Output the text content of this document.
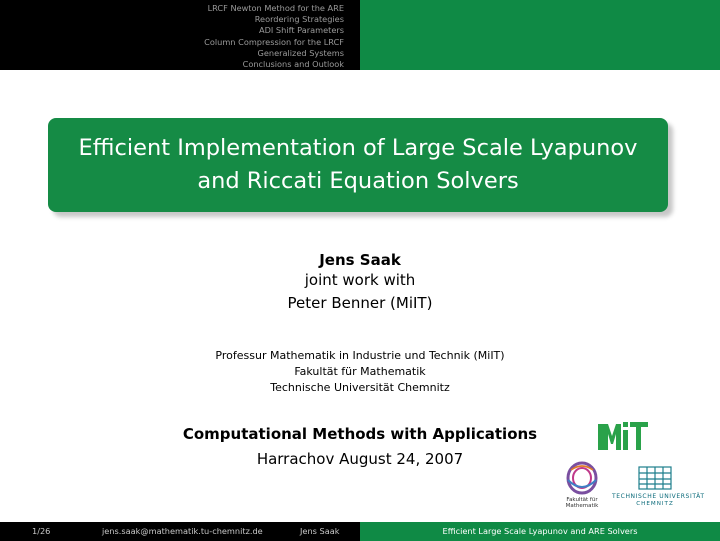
LRCF Newton Method for the ARE
Reordering Strategies
ADI Shift Parameters
Column Compression for the LRCF
Generalized Systems
Conclusions and Outlook
Efficient Implementation of Large Scale Lyapunov
and Riccati Equation Solvers
Jens Saak
joint work with
Peter Benner (MiIT)
Professur Mathematik in Industrie und Technik (MiIT)
Fakultät für Mathematik
Technische Universität Chemnitz
Computational Methods with Applications
Harrachov August 24, 2007
Fakultät für
Mathematik
TECHNISCHE UNIVERSITÄT
CHEMNITZ
1/26	jens.saak@mathematik.tu-chemnitz.de	Jens Saak	Efficient Large Scale Lyapunov and ARE Solvers
